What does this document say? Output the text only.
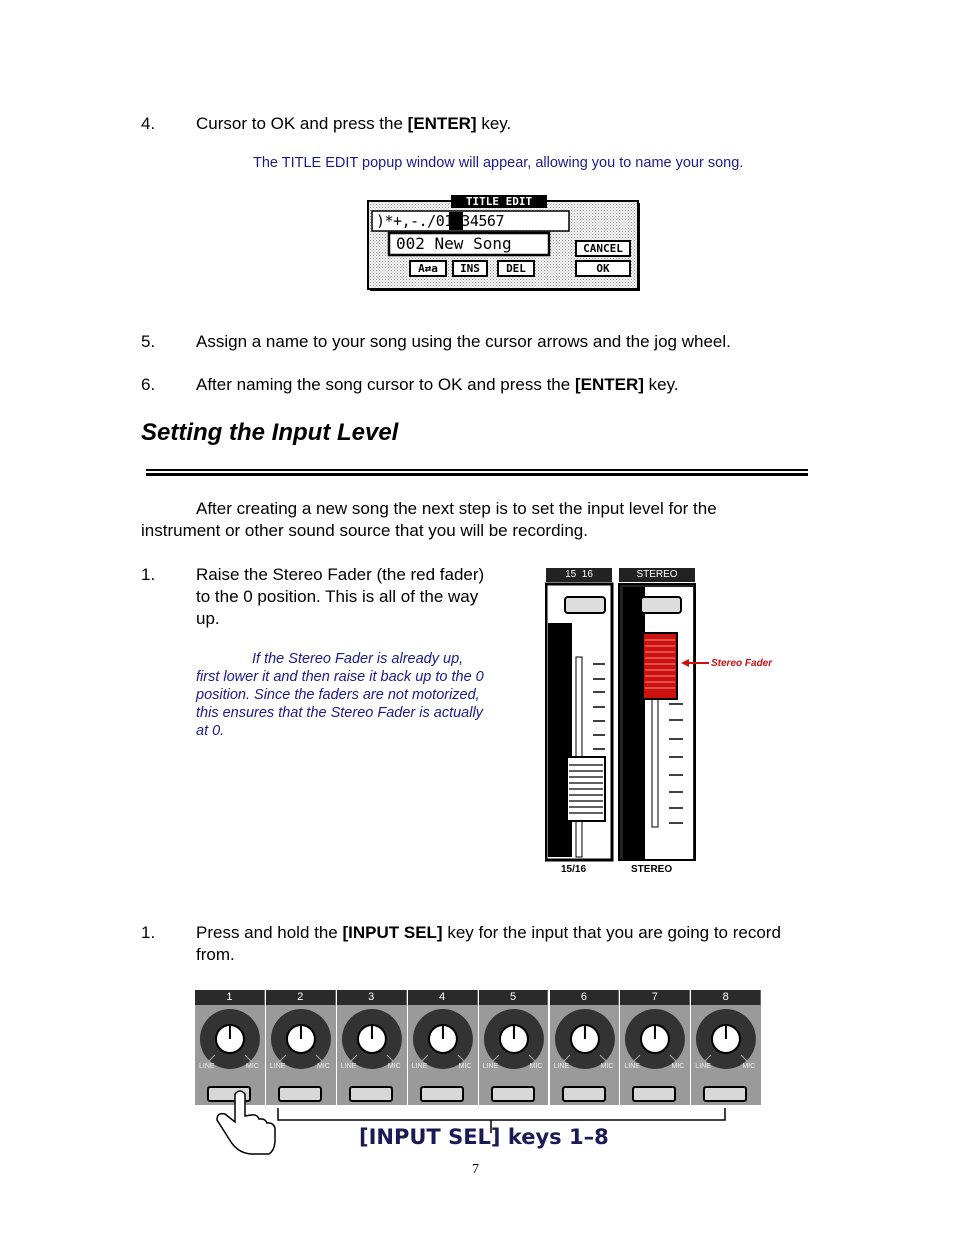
4. Cursor to OK and press the [ENTER] key.
The TITLE EDIT popup window will appear, allowing you to name your song.
TITLE EDIT
)*+,-./01234567
002 New Song	CANCEL
OK
A⇄a	INS	DEL
5. Assign a name to your song using the cursor arrows and the jog wheel.
6. After naming the song cursor to OK and press the [ENTER] key.
Setting the Input Level
After creating a new song the next step is to set the input level for the instrument or other sound source that you will be recording.
1. Raise the Stereo Fader (the red fader) to the 0 position. This is all of the way up.
If the Stereo Fader is already up, first lower it and then raise it back up to the 0 position. Since the faders are not motorized, this ensures that the Stereo Fader is actually at 0.
15  16	STEREO
Stereo Fader
15/16	STEREO
1. Press and hold the [INPUT SEL] key for the input that you are going to record from.
1
LINE	MIC
2
LINE	MIC
3
LINE	MIC
4
LINE	MIC
5
LINE	MIC
6
LINE	MIC
7
LINE	MIC
8
LINE	MIC
[INPUT SEL] keys 1–8
7
